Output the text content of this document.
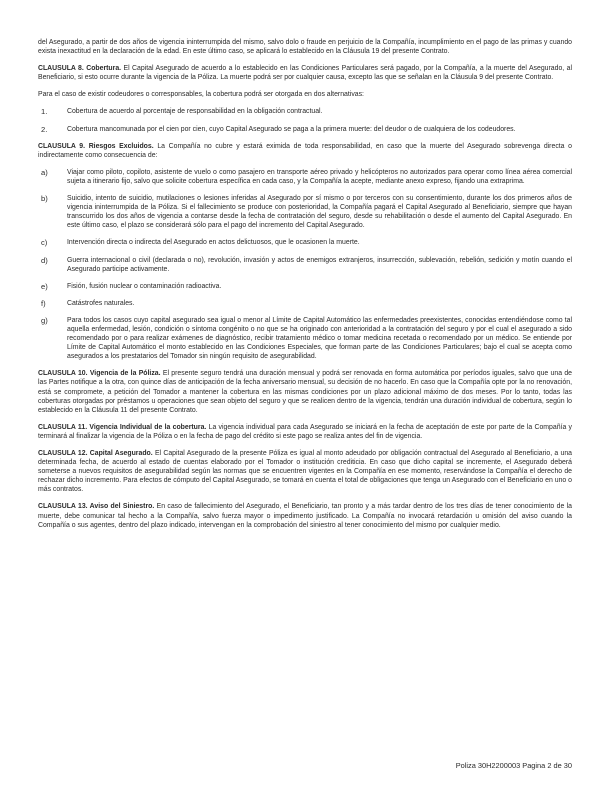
del Asegurado, a partir de dos años de vigencia ininterrumpida del mismo, salvo dolo o fraude en perjuicio de la Compañía, incumplimiento en el pago de las primas y cuando exista inexactitud en la declaración de la edad. En este último caso, se aplicará lo establecido en la Cláusula 19 del presente Contrato.

CLAUSULA 8. Cobertura. El Capital Asegurado de acuerdo a lo establecido en las Condiciones Particulares será pagado, por la Compañía, a la muerte del Asegurado, al Beneficiario, si esto ocurre durante la vigencia de la Póliza. La muerte podrá ser por cualquier causa, excepto las que se señalan en la Cláusula 9 del presente Contrato.

Para el caso de existir codeudores o corresponsables, la cobertura podrá ser otorgada en dos alternativas:

1.	Cobertura de acuerdo al porcentaje de responsabilidad en la obligación contractual.

2.	Cobertura mancomunada por el cien por cien, cuyo Capital Asegurado se paga a la primera muerte: del deudor o de cualquiera de los codeudores.

CLAUSULA 9. Riesgos Excluidos. La Compañía no cubre y estará eximida de toda responsabilidad, en caso que la muerte del Asegurado sobrevenga directa o indirectamente como consecuencia de:

a)	Viajar como piloto, copiloto, asistente de vuelo o como pasajero en transporte aéreo privado y helicópteros no autorizados para operar como línea aérea comercial sujeta a itinerario fijo, salvo que solicite cobertura específica en cada caso, y la Compañía la acepte, mediante anexo expreso, fijando una extraprima.

b)	Suicidio, intento de suicidio, mutilaciones o lesiones inferidas al Asegurado por sí mismo o por terceros con su consentimiento, durante los dos primeros años de vigencia ininterrumpida de la Póliza. Si el fallecimiento se produce con posterioridad, la Compañía pagará el Capital Asegurado al Beneficiario, siempre que hayan transcurrido los dos años de vigencia a contarse desde la fecha de contratación del seguro, desde su rehabilitación o desde el aumento del Capital Asegurado. En este último caso, el plazo se considerará sólo para el pago del incremento del Capital Asegurado.

c)	Intervención directa o indirecta del Asegurado en actos delictuosos, que le ocasionen la muerte.

d)	Guerra internacional o civil (declarada o no), revolución, invasión y actos de enemigos extranjeros, insurrección, sublevación, rebelión, sedición y motín cuando el Asegurado participe activamente.

e)	Fisión, fusión nuclear o contaminación radioactiva.

f)	Catástrofes naturales.

g)	Para todos los casos cuyo capital asegurado sea igual o menor al Límite de Capital Automático las enfermedades preexistentes, conocidas entendiéndose como tal aquella enfermedad, lesión, condición o síntoma congénito o no que se ha originado con anterioridad a la contratación del seguro y por el cual el asegurado a sido recomendado por o para realizar exámenes de diagnóstico, recibir tratamiento médico o tomar medicina recetada o recomendado por un médico. Se entiende por Límite de Capital Automático el monto establecido en las Condiciones Especiales, que forman parte de las Condiciones Particulares; bajo el cual se acepta como asegurados a los prestatarios del Tomador sin ningún requisito de asegurabilidad.

CLAUSULA 10. Vigencia de la Póliza. El presente seguro tendrá una duración mensual y podrá ser renovada en forma automática por períodos iguales, salvo que una de las Partes notifique a la otra, con quince días de anticipación de la fecha aniversario mensual, su decisión de no hacerlo. En caso que la Compañía opte por la no renovación, está se compromete, a petición del Tomador a mantener la cobertura en las mismas condiciones por un plazo adicional máximo de dos meses. Por lo tanto, todas las coberturas otorgadas por préstamos u operaciones que sean objeto del seguro y que se realicen dentro de la vigencia, tendrán una duración individual de cobertura, según lo establecido en la Cláusula 11 del presente Contrato.

CLAUSULA 11. Vigencia Individual de la cobertura. La vigencia individual para cada Asegurado se iniciará en la fecha de aceptación de este por parte de la Compañía y terminará al finalizar la vigencia de la Póliza o en la fecha de pago del crédito si este pago se realiza antes del fin de vigencia.

CLAUSULA 12. Capital Asegurado. El Capital Asegurado de la presente Póliza es igual al monto adeudado por obligación contractual del Asegurado al Beneficiario, a una determinada fecha, de acuerdo al estado de cuentas elaborado por el Tomador o institución crediticia. En caso que dicho capital se incremente, el Asegurado deberá someterse a nuevos requisitos de asegurabilidad según las normas que se encuentren vigentes en la Compañía en ese momento, reservándose la Compañía el derecho de rechazar dicho incremento. Para efectos de cómputo del Capital Asegurado, se tomará en cuenta el total de obligaciones que tenga un Asegurado con el Beneficiario en uno o más contratos.

CLAUSULA 13. Aviso del Siniestro. En caso de fallecimiento del Asegurado, el Beneficiario, tan pronto y a más tardar dentro de los tres días de tener conocimiento de la muerte, debe comunicar tal hecho a la Compañía, salvo fuerza mayor o impedimento justificado. La Compañía no invocará retardación u omisión del aviso cuando la Compañía o sus agentes, dentro del plazo indicado, intervengan en la comprobación del siniestro al tener conocimiento del mismo por cualquier medio.

Poliza 30H2200003 Pagina 2 de 30
